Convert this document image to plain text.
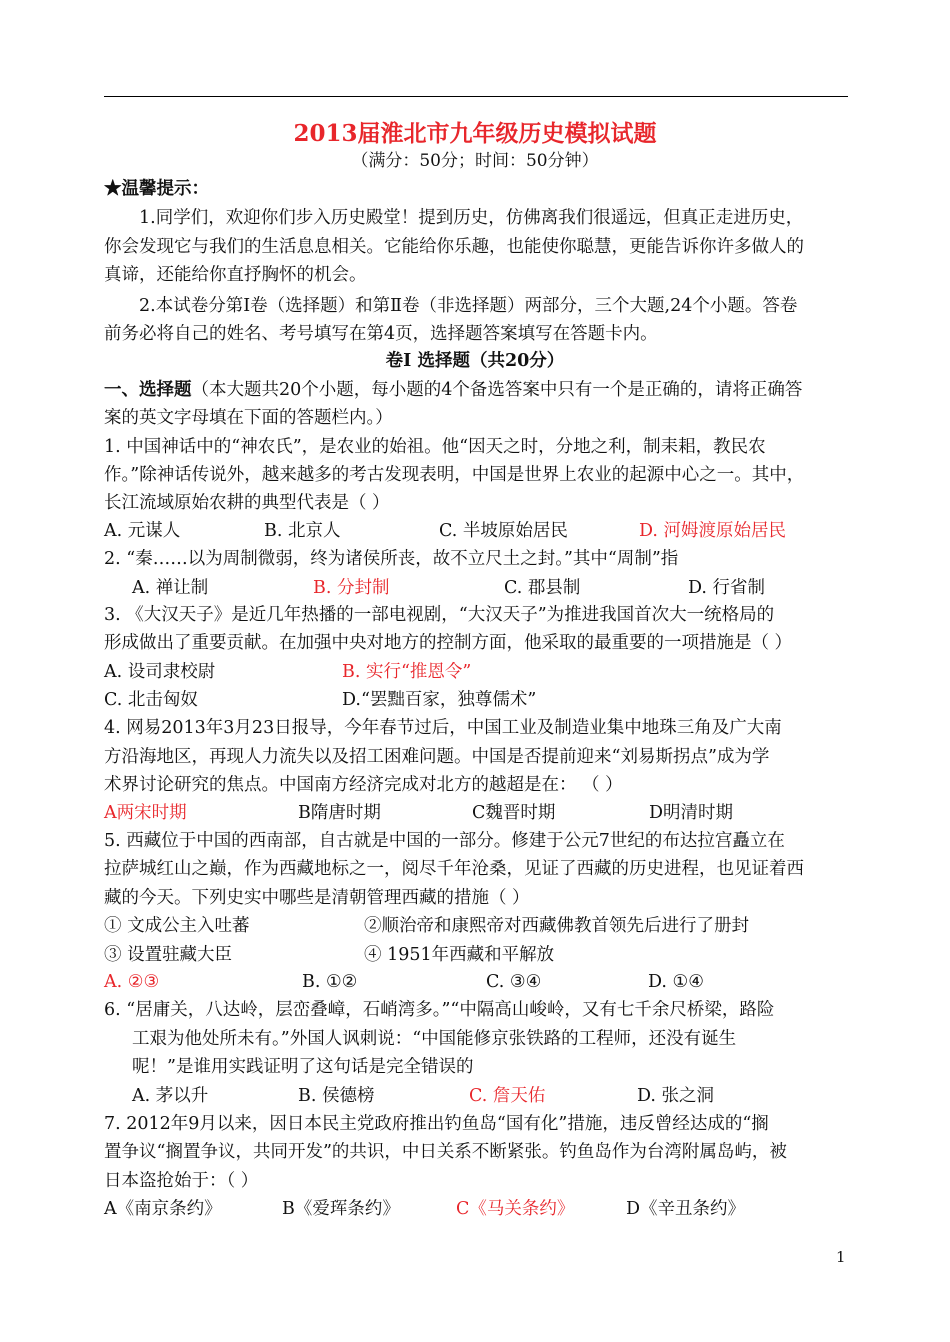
2013届淮北市九年级历史模拟试题
（满分：50分；时间：50分钟）
★温馨提示：
1.同学们，欢迎你们步入历史殿堂！提到历史，仿佛离我们很遥远，但真正走进历史，
你会发现它与我们的生活息息相关。它能给你乐趣，也能使你聪慧，更能告诉你许多做人的
真谛，还能给你直抒胸怀的机会。
2.本试卷分第Ⅰ卷（选择题）和第Ⅱ卷（非选择题）两部分，三个大题,24个小题。答卷
前务必将自己的姓名、考号填写在第4页，选择题答案填写在答题卡内。
卷Ⅰ 选择题（共20分）
一、选择题（本大题共20个小题，每小题的4个备选答案中只有一个是正确的，请将正确答
案的英文字母填在下面的答题栏内。）
1. 中国神话中的“神农氏”，是农业的始祖。他“因天之时，分地之利，制耒耜，教民农
作。”除神话传说外，越来越多的考古发现表明，中国是世界上农业的起源中心之一。其中，
长江流域原始农耕的典型代表是（ ）
A. 元谋人	B. 北京人	C. 半坡原始居民	D. 河姆渡原始居民
2. “秦……以为周制微弱，终为诸侯所丧，故不立尺土之封。”其中“周制”指
A. 禅让制	B. 分封制	C. 郡县制	D. 行省制
3. 《大汉天子》是近几年热播的一部电视剧，“大汉天子”为推进我国首次大一统格局的
形成做出了重要贡献。在加强中央对地方的控制方面，他采取的最重要的一项措施是（ ）
A. 设司隶校尉	B. 实行“推恩令”
C. 北击匈奴	D.“罢黜百家，独尊儒术”
4. 网易2013年3月23日报导，今年春节过后，中国工业及制造业集中地珠三角及广大南
方沿海地区，再现人力流失以及招工困难问题。中国是否提前迎来“刘易斯拐点”成为学
术界讨论研究的焦点。中国南方经济完成对北方的越超是在： （ ）
A两宋时期	B隋唐时期	C魏晋时期	D明清时期
5. 西藏位于中国的西南部，自古就是中国的一部分。修建于公元7世纪的布达拉宫矗立在
拉萨城红山之巅，作为西藏地标之一，阅尽千年沧桑，见证了西藏的历史进程，也见证着西
藏的今天。下列史实中哪些是清朝管理西藏的措施（ ）
① 文成公主入吐蕃	②顺治帝和康熙帝对西藏佛教首领先后进行了册封
③ 设置驻藏大臣	④ 1951年西藏和平解放
A. ②③	B. ①②	C. ③④	D. ①④
6. “居庸关，八达岭，层峦叠嶂，石峭湾多。”“中隔高山峻岭，又有七千余尺桥梁，路险
工艰为他处所未有。”外国人讽刺说：“中国能修京张铁路的工程师，还没有诞生
呢！”是谁用实践证明了这句话是完全错误的
A. 茅以升	B. 侯德榜	C. 詹天佑	D. 张之洞
7. 2012年9月以来，因日本民主党政府推出钓鱼岛“国有化”措施，违反曾经达成的“搁
置争议“搁置争议，共同开发”的共识，中日关系不断紧张。钓鱼岛作为台湾附属岛屿，被
日本盗抢始于：（ ）
A《南京条约》	B《爱珲条约》	C《马关条约》	D《辛丑条约》
1
